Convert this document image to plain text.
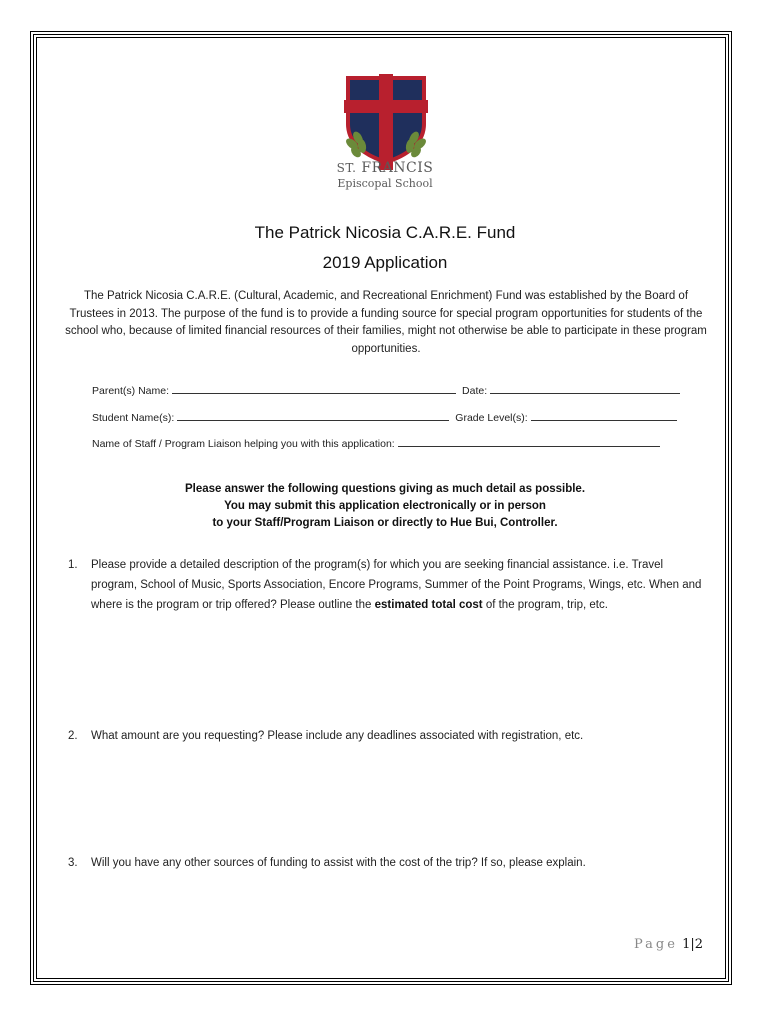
ST. FRANCIS
Episcopal School
The Patrick Nicosia C.A.R.E. Fund
2019 Application
The Patrick Nicosia C.A.R.E. (Cultural, Academic, and Recreational Enrichment) Fund was established by the Board of Trustees in 2013. The purpose of the fund is to provide a funding source for special program opportunities for students of the school who, because of limited financial resources of their families, might not otherwise be able to participate in these program opportunities.
Parent(s) Name:	Date:
Student Name(s):	Grade Level(s):
Name of Staff / Program Liaison helping you with this application:
Please answer the following questions giving as much detail as possible.
You may submit this application electronically or in person
to your Staff/Program Liaison or directly to Hue Bui, Controller.
1. Please provide a detailed description of the program(s) for which you are seeking financial assistance. i.e. Travel program, School of Music, Sports Association, Encore Programs, Summer of the Point Programs, Wings, etc. When and where is the program or trip offered? Please outline the estimated total cost of the program, trip, etc.
2. What amount are you requesting? Please include any deadlines associated with registration, etc.
3. Will you have any other sources of funding to assist with the cost of the trip? If so, please explain.
Page 1|2
